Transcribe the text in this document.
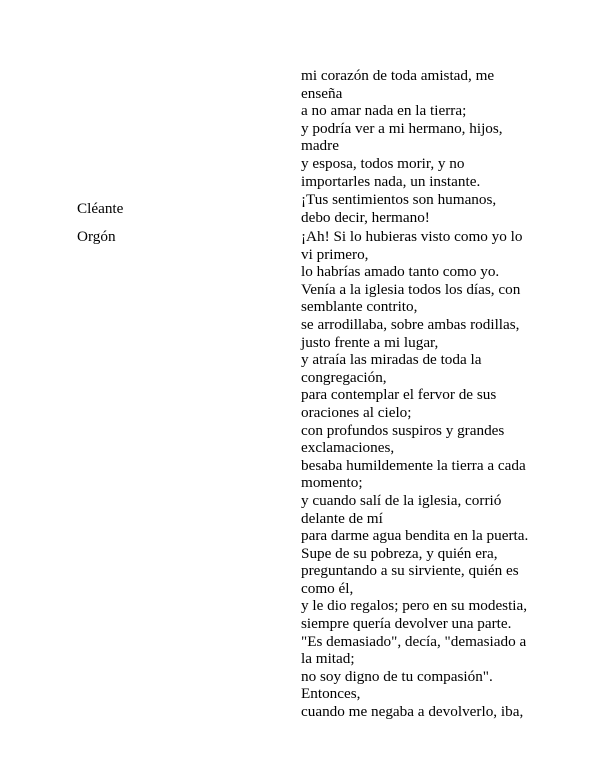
mi corazón de toda amistad, me
enseña
a no amar nada en la tierra;
y podría ver a mi hermano, hijos,
madre
y esposa, todos morir, y no
importarles nada, un instante.
Cléante
¡Tus sentimientos son humanos,
debo decir, hermano!
Orgón	¡Ah! Si lo hubieras visto como yo lo
vi primero,
lo habrías amado tanto como yo.
Venía a la iglesia todos los días, con
semblante contrito,
se arrodillaba, sobre ambas rodillas,
justo frente a mi lugar,
y atraía las miradas de toda la
congregación,
para contemplar el fervor de sus
oraciones al cielo;
con profundos suspiros y grandes
exclamaciones,
besaba humildemente la tierra a cada
momento;
y cuando salí de la iglesia, corrió
delante de mí
para darme agua bendita en la puerta.
Supe de su pobreza, y quién era,
preguntando a su sirviente, quién es
como él,
y le dio regalos; pero en su modestia,
siempre quería devolver una parte.
"Es demasiado", decía, "demasiado a
la mitad;
no soy digno de tu compasión".
Entonces,
cuando me negaba a devolverlo, iba,
